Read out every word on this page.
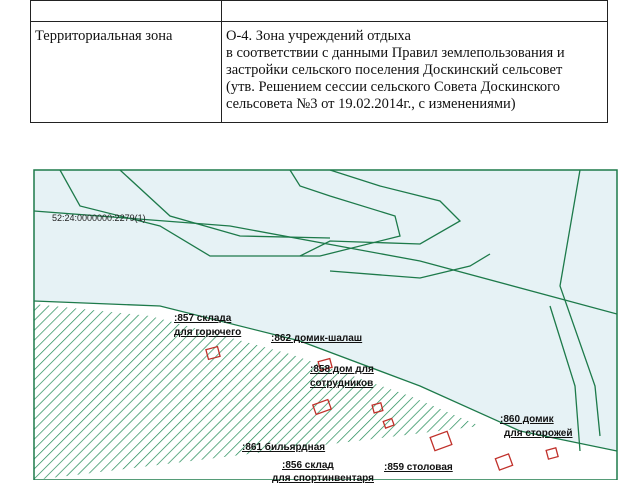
Территориальная зона	О-4. Зона учреждений отдыха
в соответствии с данными Правил землепользования и
застройки сельского поселения Доскинский сельсовет
(утв. Решением сессии сельского Совета Доскинского
сельсовета №3 от 19.02.2014г., с изменениями)
52:24:0000000:2279(1)
:857 склада
для горючего
:862 домик-шалаш
:858 дом для
сотрудников
:860 домик
для сторожей
:861 бильярдная
:856 склад
для спортинвентаря
:859 столовая
